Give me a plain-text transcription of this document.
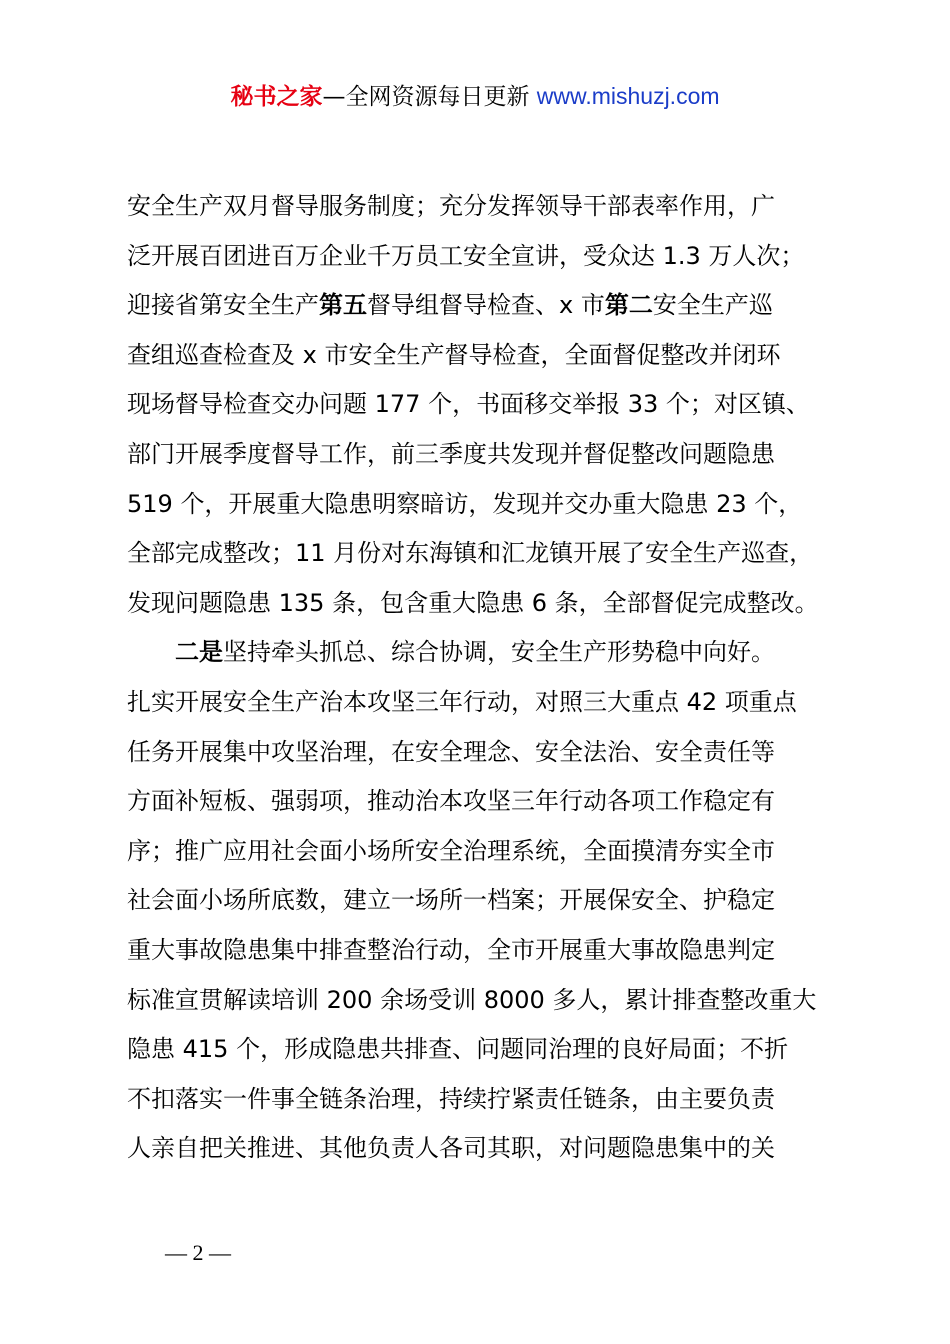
秘书之家—全网资源每日更新 www.mishuzj.com
安全生产双月督导服务制度；充分发挥领导干部表率作用，广
泛开展百团进百万企业千万员工安全宣讲，受众达 1.3 万人次；
迎接省第安全生产第五督导组督导检查、x 市第二安全生产巡
查组巡查检查及 x 市安全生产督导检查，全面督促整改并闭环
现场督导检查交办问题 177 个，书面移交举报 33 个；对区镇、
部门开展季度督导工作，前三季度共发现并督促整改问题隐患
519 个，开展重大隐患明察暗访，发现并交办重大隐患 23 个，
全部完成整改；11 月份对东海镇和汇龙镇开展了安全生产巡查，
发现问题隐患 135 条，包含重大隐患 6 条，全部督促完成整改。
二是坚持牵头抓总、综合协调，安全生产形势稳中向好。
扎实开展安全生产治本攻坚三年行动，对照三大重点 42 项重点
任务开展集中攻坚治理，在安全理念、安全法治、安全责任等
方面补短板、强弱项，推动治本攻坚三年行动各项工作稳定有
序；推广应用社会面小场所安全治理系统，全面摸清夯实全市
社会面小场所底数，建立一场所一档案；开展保安全、护稳定
重大事故隐患集中排查整治行动，全市开展重大事故隐患判定
标准宣贯解读培训 200 余场受训 8000 多人，累计排查整改重大
隐患 415 个，形成隐患共排查、问题同治理的良好局面；不折
不扣落实一件事全链条治理，持续拧紧责任链条，由主要负责
人亲自把关推进、其他负责人各司其职，对问题隐患集中的关
— 2 —
